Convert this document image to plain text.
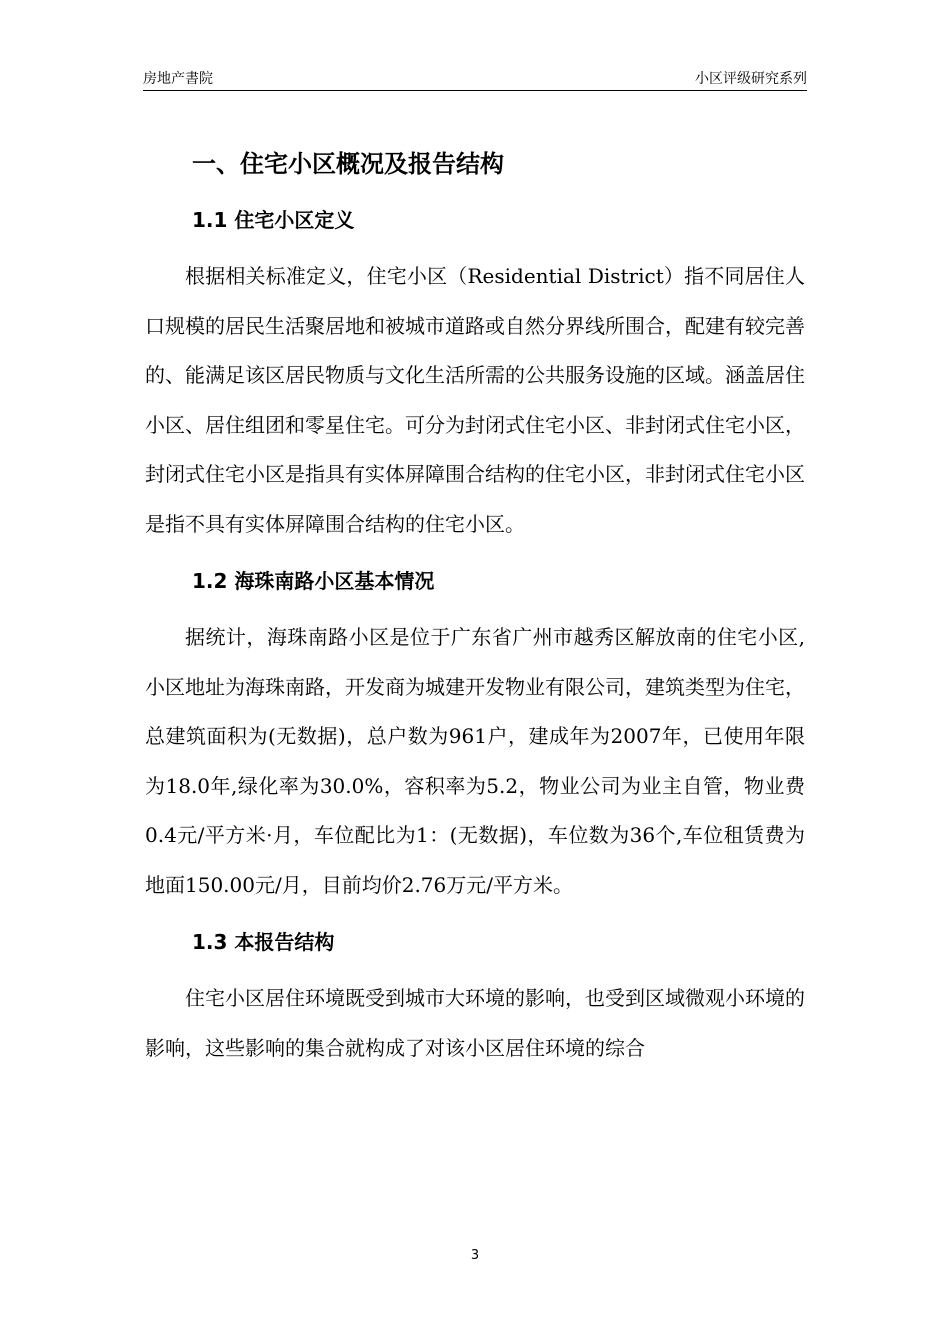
房地产書院	小区评级研究系列
一、住宅小区概况及报告结构
1.1 住宅小区定义

根据相关标准定义，住宅小区（Residential District）指不同居住人口规模的居民生活聚居地和被城市道路或自然分界线所围合，配建有较完善的、能满足该区居民物质与文化生活所需的公共服务设施的区域。涵盖居住小区、居住组团和零星住宅。可分为封闭式住宅小区、非封闭式住宅小区，封闭式住宅小区是指具有实体屏障围合结构的住宅小区，非封闭式住宅小区是指不具有实体屏障围合结构的住宅小区。

1.2 海珠南路小区基本情况

据统计，海珠南路小区是位于广东省广州市越秀区解放南的住宅小区,小区地址为海珠南路，开发商为城建开发物业有限公司，建筑类型为住宅，总建筑面积为(无数据)，总户数为961户，建成年为2007年，已使用年限为18.0年,绿化率为30.0%，容积率为5.2，物业公司为业主自管，物业费0.4元/平方米·月，车位配比为1：(无数据)，车位数为36个,车位租赁费为地面150.00元/月，目前均价2.76万元/平方米。

1.3 本报告结构

住宅小区居住环境既受到城市大环境的影响，也受到区域微观小环境的影响，这些影响的集合就构成了对该小区居住环境的综合

3
